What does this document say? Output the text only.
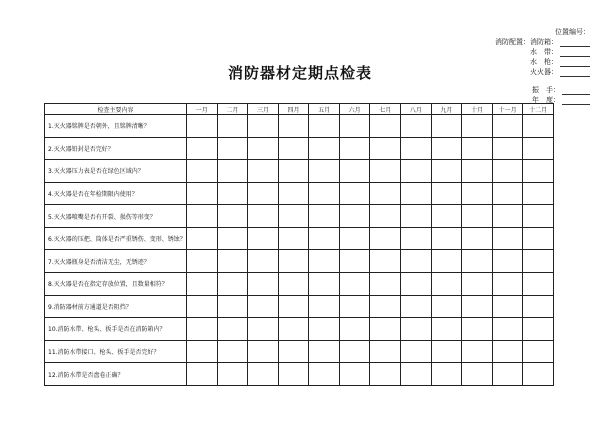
位置编号：
消防配置：消防箱：
水　带：
水　枪：
火火器：
振　手：
年　度：
消防器材定期点检表
检查主要内容	一月	二月	三月	四月	五月	六月	七月	八月	九月	十月	十一月	十二月
1.灭火器铭牌是否朝外，且铭牌清晰？												
2.灭火器铅封是否完好？												
3.灭火器压力表是否在绿色区域内？												
4.灭火器是否在年检期限内使用？												
5.灭火器喷嘴是否有开裂、损伤等形变？												
6.灭火器的压把、筒体是否严重锈伤、变形、锈蚀？												
7.灭火器瓶身是否清洁无尘，无锈迹？												
8.灭火器是否在指定存放位置，且数量相符？												
9.消防器材前方通道是否阻挡？												
10.消防水带、枪头、扳手是否在消防箱内？												
11.消防水带接口、枪头、扳手是否完好？												
12.消防水带是否盘卷正确？												
